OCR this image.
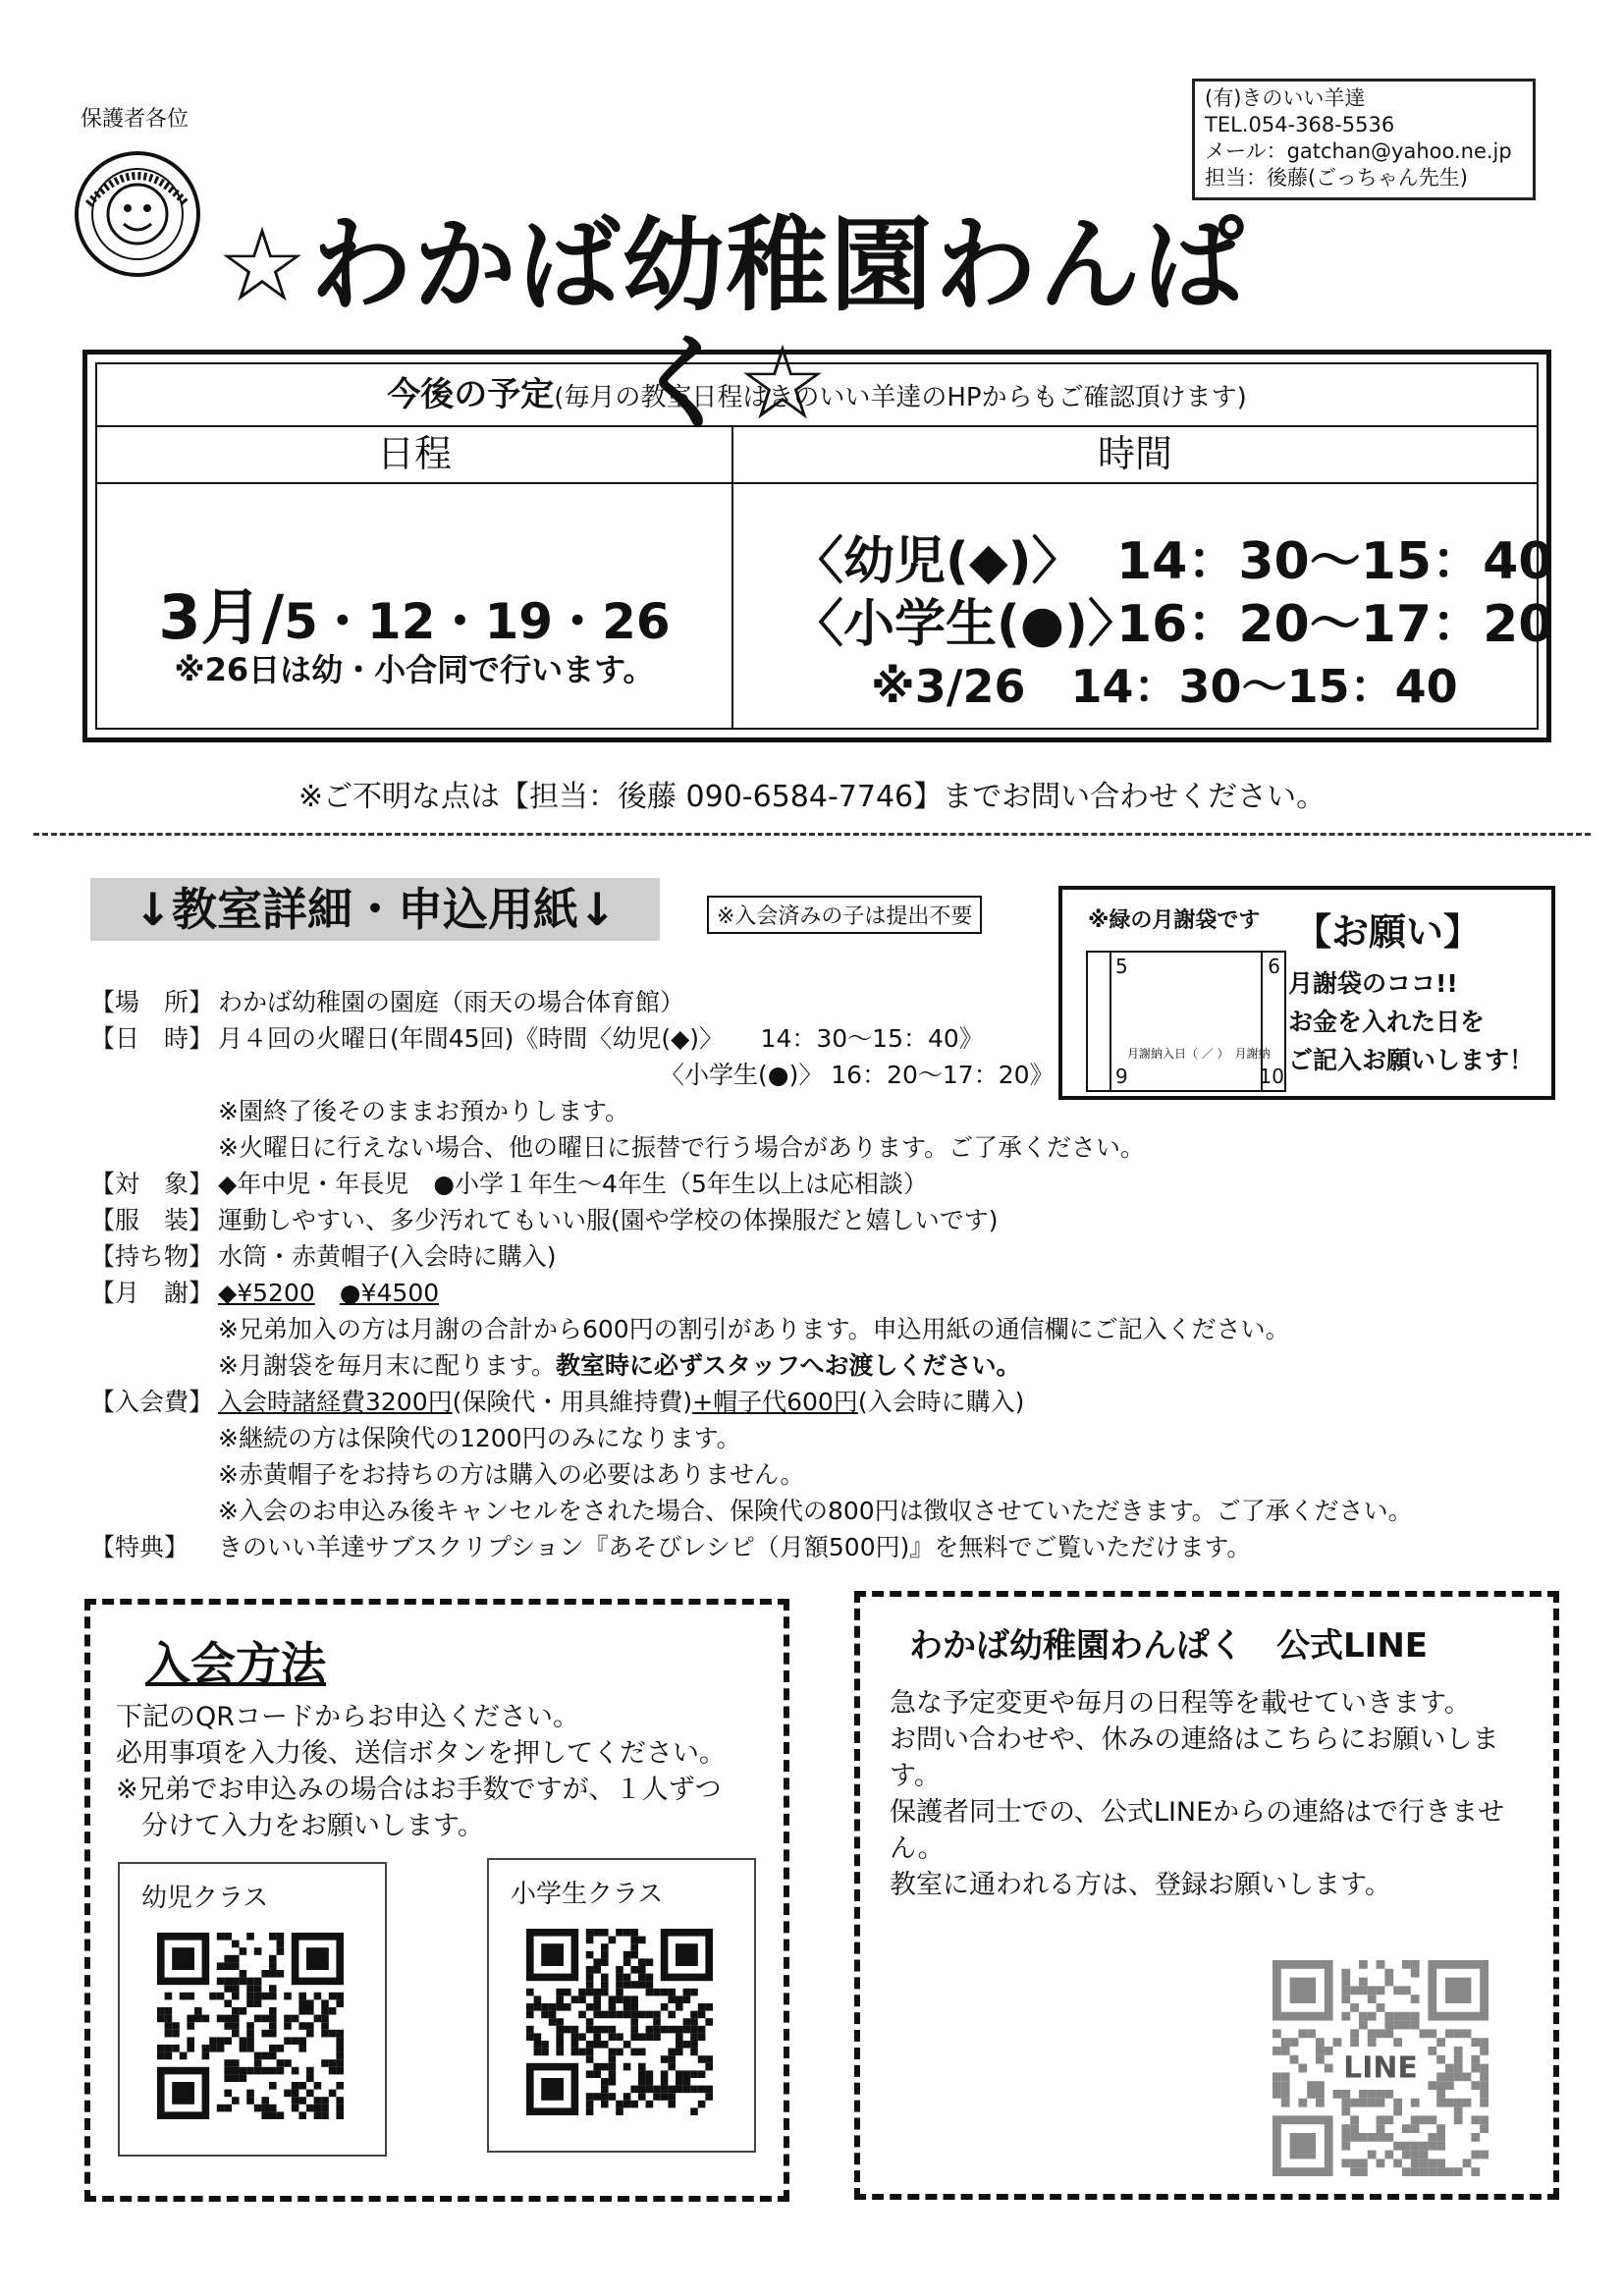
保護者各位
(有)きのいい羊達
TEL.054-368-5536
メール：gatchan@yahoo.ne.jp
担当：後藤(ごっちゃん先生)
☆わかば幼稚園わんぱく☆
今後の予定(毎月の教室日程はきのいい羊達のHPからもご確認頂けます)
日程	時間
3月/5・12・19・26
※26日は幼・小合同で行います。
〈幼児(◆)〉 14：30〜15：40
〈小学生(●)〉16：20〜17：20
※3/26　14：30〜15：40
※ご不明な点は【担当：後藤 090-6584-7746】までお問い合わせください。
↓教室詳細・申込用紙↓	※入会済みの子は提出不要	※緑の月謝袋です
5	6
9	10
月謝納入日（ ／ ）　月謝納
【お願い】
月謝袋のココ!!
お金を入れた日を
ご記入お願いします！
【場　所】 わかば幼稚園の園庭（雨天の場合体育館）
【日　時】 月４回の火曜日(年間45回)《時間〈幼児(◆)〉　　14：30〜15：40》
〈小学生(●)〉 16：20〜17：20》
※園終了後そのままお預かりします。
※火曜日に行えない場合、他の曜日に振替で行う場合があります。ご了承ください。
【対　象】 ◆年中児・年長児　●小学１年生〜4年生（5年生以上は応相談）
【服　装】 運動しやすい、多少汚れてもいい服(園や学校の体操服だと嬉しいです)
【持ち物】 水筒・赤黄帽子(入会時に購入)
【月　謝】 ◆¥5200　 ●¥4500
※兄弟加入の方は月謝の合計から600円の割引があります。申込用紙の通信欄にご記入ください。
※月謝袋を毎月末に配ります。教室時に必ずスタッフへお渡しください。
【入会費】 入会時諸経費3200円(保険代・用具維持費)+帽子代600円(入会時に購入)
※継続の方は保険代の1200円のみになります。
※赤黄帽子をお持ちの方は購入の必要はありません。
※入会のお申込み後キャンセルをされた場合、保険代の800円は徴収させていただきます。ご了承ください。
【特典】 きのいい羊達サブスクリプション『あそびレシピ（月額500円)』を無料でご覧いただけます。
入会方法
下記のQRコードからお申込ください。
必用事項を入力後、送信ボタンを押してください。
※兄弟でお申込みの場合はお手数ですが、１人ずつ
分けて入力をお願いします。
幼児クラス	小学生クラス
わかば幼稚園わんぱく　公式LINE
急な予定変更や毎月の日程等を載せていきます。
お問い合わせや、休みの連絡はこちらにお願いします。
保護者同士での、公式LINEからの連絡はで行きません。
教室に通われる方は、登録お願いします。
LINE
